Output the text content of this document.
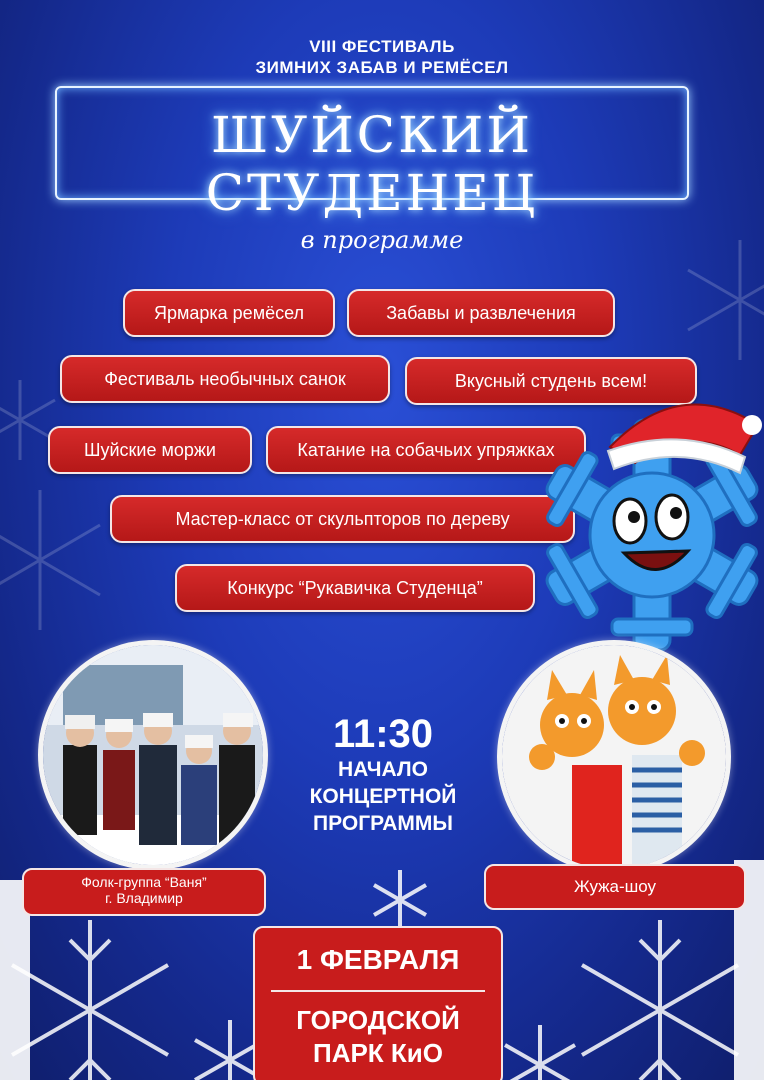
VIII ФЕСТИВАЛЬ
ЗИМНИХ ЗАБАВ И РЕМЁСЕЛ
ШУЙСКИЙ СТУДЕНЕЦ
в программе
Ярмарка ремёсел	Забавы и развлечения
Фестиваль необычных санок	Вкусный студень всем!
Шуйские моржи	Катание на собачьих упряжках
Мастер-класс от скульпторов по дереву
Конкурс “Рукавичка Студенца”
Фолк-группа “Ваня”
г. Владимир
11:30
НАЧАЛО
КОНЦЕРТНОЙ
ПРОГРАММЫ
Жужа-шоу
1 ФЕВРАЛЯ
ГОРОДСКОЙ
ПАРК КиО
